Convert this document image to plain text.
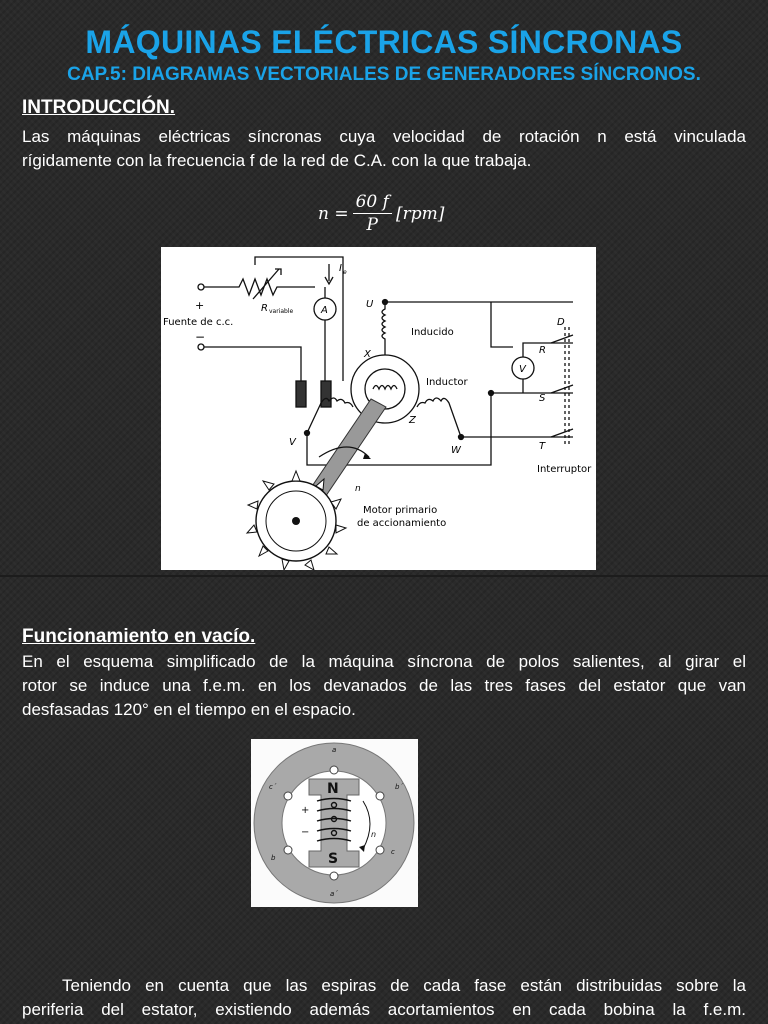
MÁQUINAS ELÉCTRICAS SÍNCRONAS
CAP.5: DIAGRAMAS VECTORIALES DE GENERADORES SÍNCRONOS.
INTRODUCCIÓN.
Las máquinas eléctricas síncronas cuya velocidad de rotación n está vinculada
rígidamente con la frecuencia f de la red de C.A. con la que trabaja.
$n = \frac{60 f}{P} [rpm]$
+
Fuente de c.c.
−
R variable	A
I e
U
X
Inducido
Inductor
V
Z
W
V
D
R
S
T
Interruptor
n
Motor primario
de accionamiento
Funcionamiento en vacío.
En el esquema simplificado de la máquina síncrona de polos salientes, al girar el
rotor se induce una f.e.m. en los devanados de las tres fases del estator que van
desfasadas 120° en el tiempo en el espacio.
N
S
+
−	n
a
a´
b´
b
c´
c
Teniendo en cuenta que las espiras de cada fase están distribuidas sobre la
periferia del estator, existiendo además acortamientos en cada bobina la f.e.m.
